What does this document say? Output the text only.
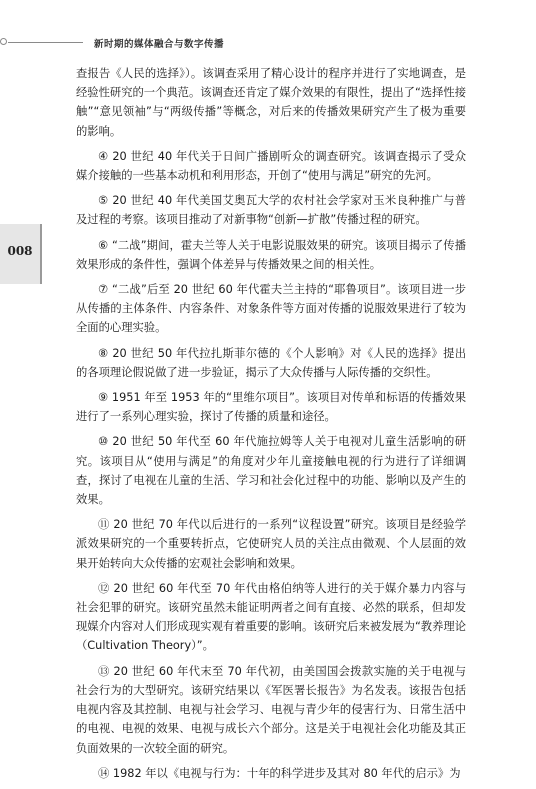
新时期的媒体融合与数字传播
008

查报告《人民的选择》）。该调查采用了精心设计的程序并进行了实地调查，是经验性研究的一个典范。该调查还肯定了媒介效果的有限性，提出了“选择性接触”“意见领袖”与“两级传播”等概念，对后来的传播效果研究产生了极为重要的影响。

④ 20 世纪 40 年代关于日间广播剧听众的调查研究。该调查揭示了受众媒介接触的一些基本动机和利用形态，开创了“使用与满足”研究的先河。

⑤ 20 世纪 40 年代美国艾奥瓦大学的农村社会学家对玉米良种推广与普及过程的考察。该项目推动了对新事物“创新—扩散”传播过程的研究。

⑥ “二战”期间，霍夫兰等人关于电影说服效果的研究。该项目揭示了传播效果形成的条件性，强调个体差异与传播效果之间的相关性。

⑦ “二战”后至 20 世纪 60 年代霍夫兰主持的“耶鲁项目”。该项目进一步从传播的主体条件、内容条件、对象条件等方面对传播的说服效果进行了较为全面的心理实验。

⑧ 20 世纪 50 年代拉扎斯菲尔德的《个人影响》对《人民的选择》提出的各项理论假说做了进一步验证，揭示了大众传播与人际传播的交织性。

⑨ 1951 年至 1953 年的“里维尔项目”。该项目对传单和标语的传播效果进行了一系列心理实验，探讨了传播的质量和途径。

⑩ 20 世纪 50 年代至 60 年代施拉姆等人关于电视对儿童生活影响的研究。该项目从“使用与满足”的角度对少年儿童接触电视的行为进行了详细调查，探讨了电视在儿童的生活、学习和社会化过程中的功能、影响以及产生的效果。

⑪ 20 世纪 70 年代以后进行的一系列“议程设置”研究。该项目是经验学派效果研究的一个重要转折点，它使研究人员的关注点由微观、个人层面的效果开始转向大众传播的宏观社会影响和效果。

⑫ 20 世纪 60 年代至 70 年代由格伯纳等人进行的关于媒介暴力内容与社会犯罪的研究。该研究虽然未能证明两者之间有直接、必然的联系，但却发现媒介内容对人们形成现实观有着重要的影响。该研究后来被发展为“教养理论（Cultivation Theory）”。

⑬ 20 世纪 60 年代末至 70 年代初，由美国国会拨款实施的关于电视与社会行为的大型研究。该研究结果以《军医署长报告》为名发表。该报告包括电视内容及其控制、电视与社会学习、电视与青少年的侵害行为、日常生活中的电视、电视的效果、电视与成长六个部分。这是关于电视社会化功能及其正负面效果的一次较全面的研究。

⑭ 1982 年以《电视与行为：十年的科学进步及其对 80 年代的启示》为
